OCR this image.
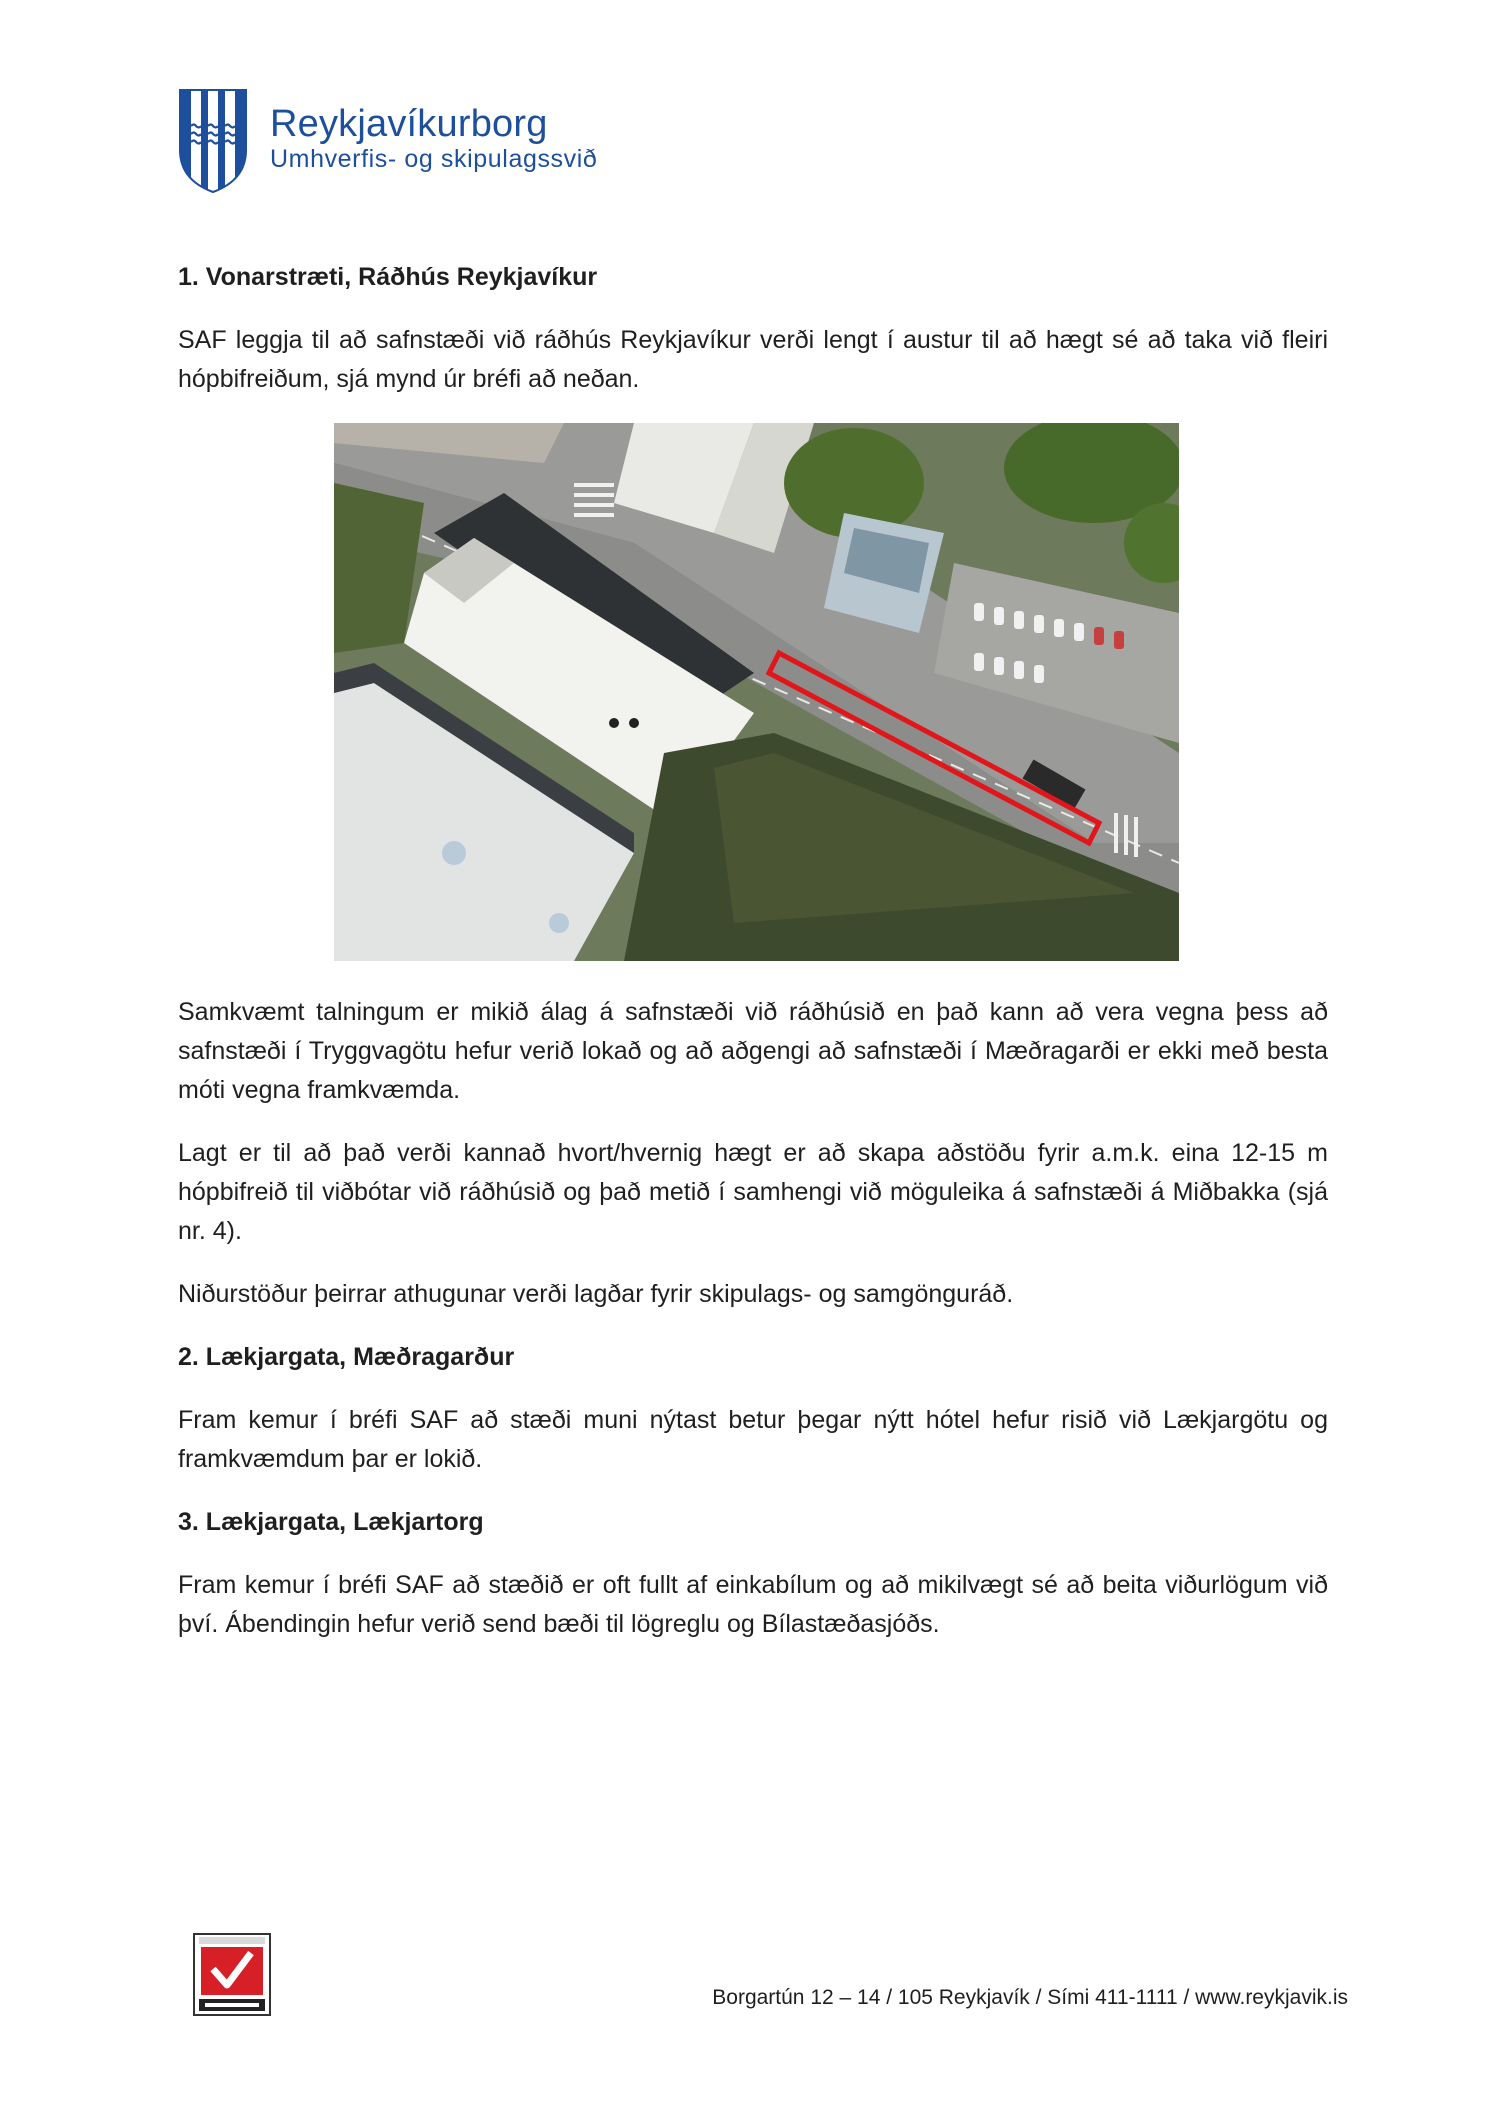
Reykjavíkurborg
Umhverfis- og skipulagssvið
1. Vonarstræti, Ráðhús Reykjavíkur

SAF leggja til að safnstæði við ráðhús Reykjavíkur verði lengt í austur til að hægt sé að taka við fleiri hópbifreiðum, sjá mynd úr bréfi að neðan.

Samkvæmt talningum er mikið álag á safnstæði við ráðhúsið en það kann að vera vegna þess að safnstæði í Tryggvagötu hefur verið lokað og að aðgengi að safnstæði í Mæðragarði er ekki með besta móti vegna framkvæmda.

Lagt er til að það verði kannað hvort/hvernig hægt er að skapa aðstöðu fyrir a.m.k. eina 12-15 m hópbifreið til viðbótar við ráðhúsið og það metið í samhengi við möguleika á safnstæði á Miðbakka (sjá nr. 4).

Niðurstöður þeirrar athugunar verði lagðar fyrir skipulags- og samgönguráð.

2. Lækjargata, Mæðragarður

Fram kemur í bréfi SAF að stæði muni nýtast betur þegar nýtt hótel hefur risið við Lækjargötu og framkvæmdum þar er lokið.

3. Lækjargata, Lækjartorg

Fram kemur í bréfi SAF að stæðið er oft fullt af einkabílum og að mikilvægt sé að beita viðurlögum við því. Ábendingin hefur verið send bæði til lögreglu og Bílastæðasjóðs.

Borgartún 12 – 14 / 105 Reykjavík / Sími 411-1111 / www.reykjavik.is
